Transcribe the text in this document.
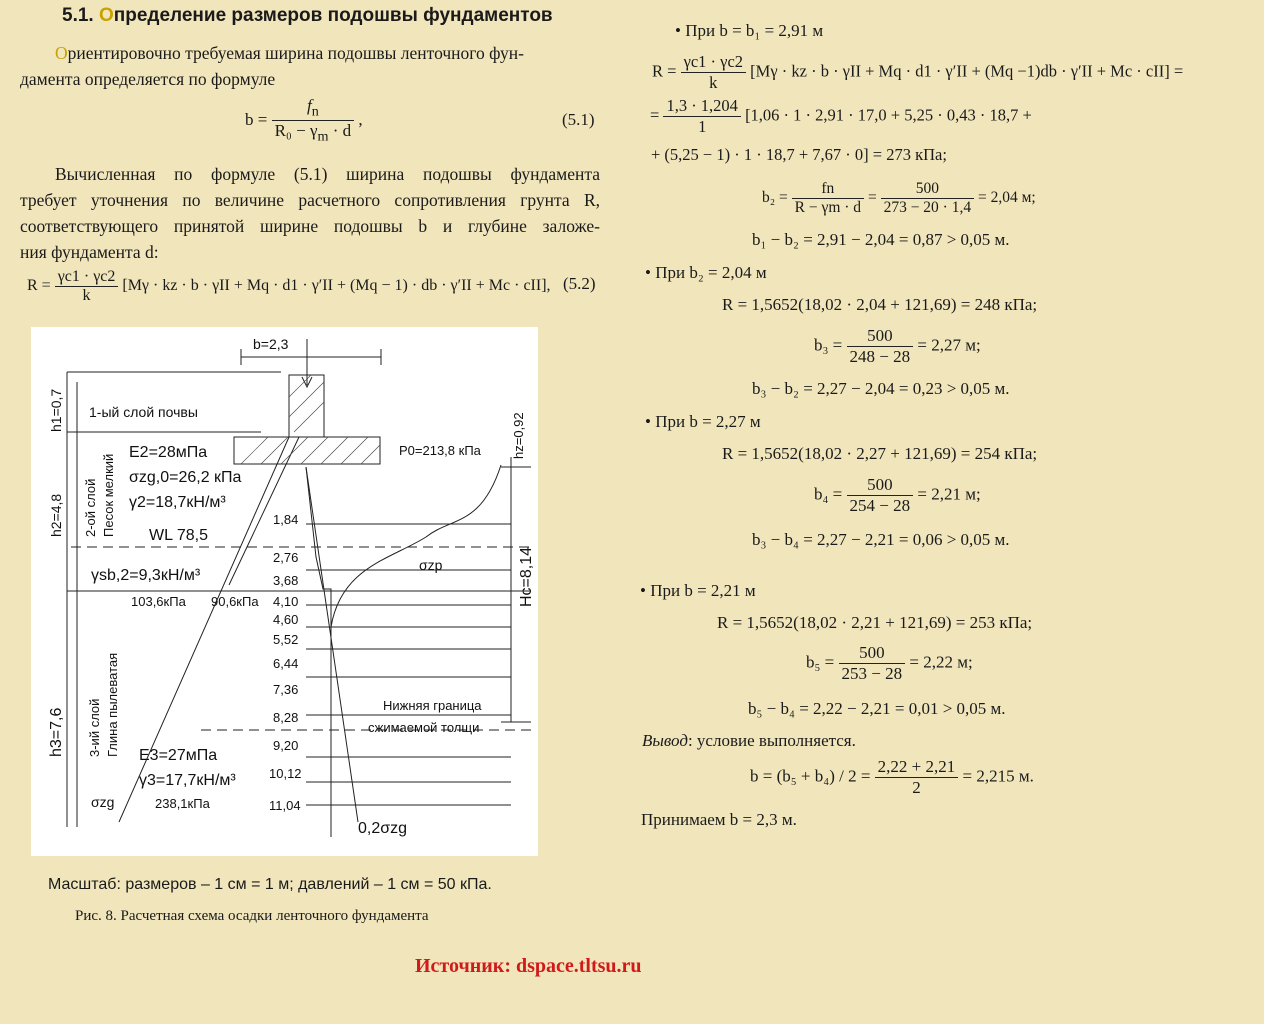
5.1. Определение размеров подошвы фундаментов
Ориентировочно требуемая ширина подошвы ленточного фун-
дамента определяется по формуле
$b = \frac{f_n}{R_0 - \gamma_m \cdot d}$ ,	(5.1)
Вычисленная по формуле (5.1) ширина подошвы фундамента
требует уточнения по величине расчетного сопротивления грунта R,
соответствующего принятой ширине подошвы b и глубине заложе-
ния фундамента d:
$R = \frac{\gamma c1 \cdot \gamma c2}{k} [M\gamma$ · kz · b · γII + Mq · d1 · γ′II + (Mq − 1) · db · γ′II + Mc · cII], (5.2)
b=2,3
h1=0,7 1-ый слой почвы
h2=4,8 2-ой слой Песок мелкий
E2=28мПа
σzg,0=26,2 кПа
γ2=18,7кН/м³
WL 78,5
γsb,2=9,3кН/м³
103,6кПа 90,6кПа
P0=213,8 кПа hz=0,92
Hc=8,14
σzp
1,84
2,76
3,68
4,10
4,60
5,52
6,44
7,36
8,28
9,20
10,12
11,04
h3=7,6 3-ий слой Глина пылеватая E3=27мПа
γ3=17,7кН/м³
238,1кПа
σzg
Нижняя граница
сжимаемой толщи
0,2σzg
Масштаб: размеров – 1 см = 1 м; давлений – 1 см = 50 кПа.
Рис. 8. Расчетная схема осадки ленточного фундамента
Источник: dspace.tltsu.ru
• При b = b₁ = 2,91 м
$R = \frac{\gamma c1 \cdot \gamma c2}{k} [M\gamma$ · kz · b · γII + Mq · d1 · γ′II + (Mq −1)db · γ′II + Mc · cII] =
= $\frac{1,3 \cdot 1,204}{1} [1,06 \cdot 1 \cdot 2,91 \cdot 17,0 + 5,25 \cdot 0,43 \cdot 18,7$ +
+ (5,25 − 1) · 1 · 18,7 + 7,67 · 0] = 273 кПа;
$b_2 = \frac{fn}{R - \gamma m \cdot d} = \frac{500}{273 - 20 \cdot 1,4} = 2,04$ м;
b₁ − b₂ = 2,91 − 2,04 = 0,87 > 0,05 м.
• При b₂ = 2,04 м
R = 1,5652(18,02 · 2,04 + 121,69) = 248 кПа;
$b_3 = \frac{500}{248 - 28} = 2,27$ м;
b₃ − b₂ = 2,27 − 2,04 = 0,23 > 0,05 м.
• При b = 2,27 м
R = 1,5652(18,02 · 2,27 + 121,69) = 254 кПа;
$b_4 = \frac{500}{254 - 28} = 2,21$ м;
b₃ − b₄ = 2,27 − 2,21 = 0,06 > 0,05 м.
• При b = 2,21 м
R = 1,5652(18,02 · 2,21 + 121,69) = 253 кПа;
$b_5 = \frac{500}{253 - 28} = 2,22$ м;
b₅ − b₄ = 2,22 − 2,21 = 0,01 > 0,05 м.
Вывод: условие выполняется.
$b = (b_5 + b_4) / 2 = \frac{2,22 + 2,21}{2} = 2,215$ м.
Принимаем b = 2,3 м.
